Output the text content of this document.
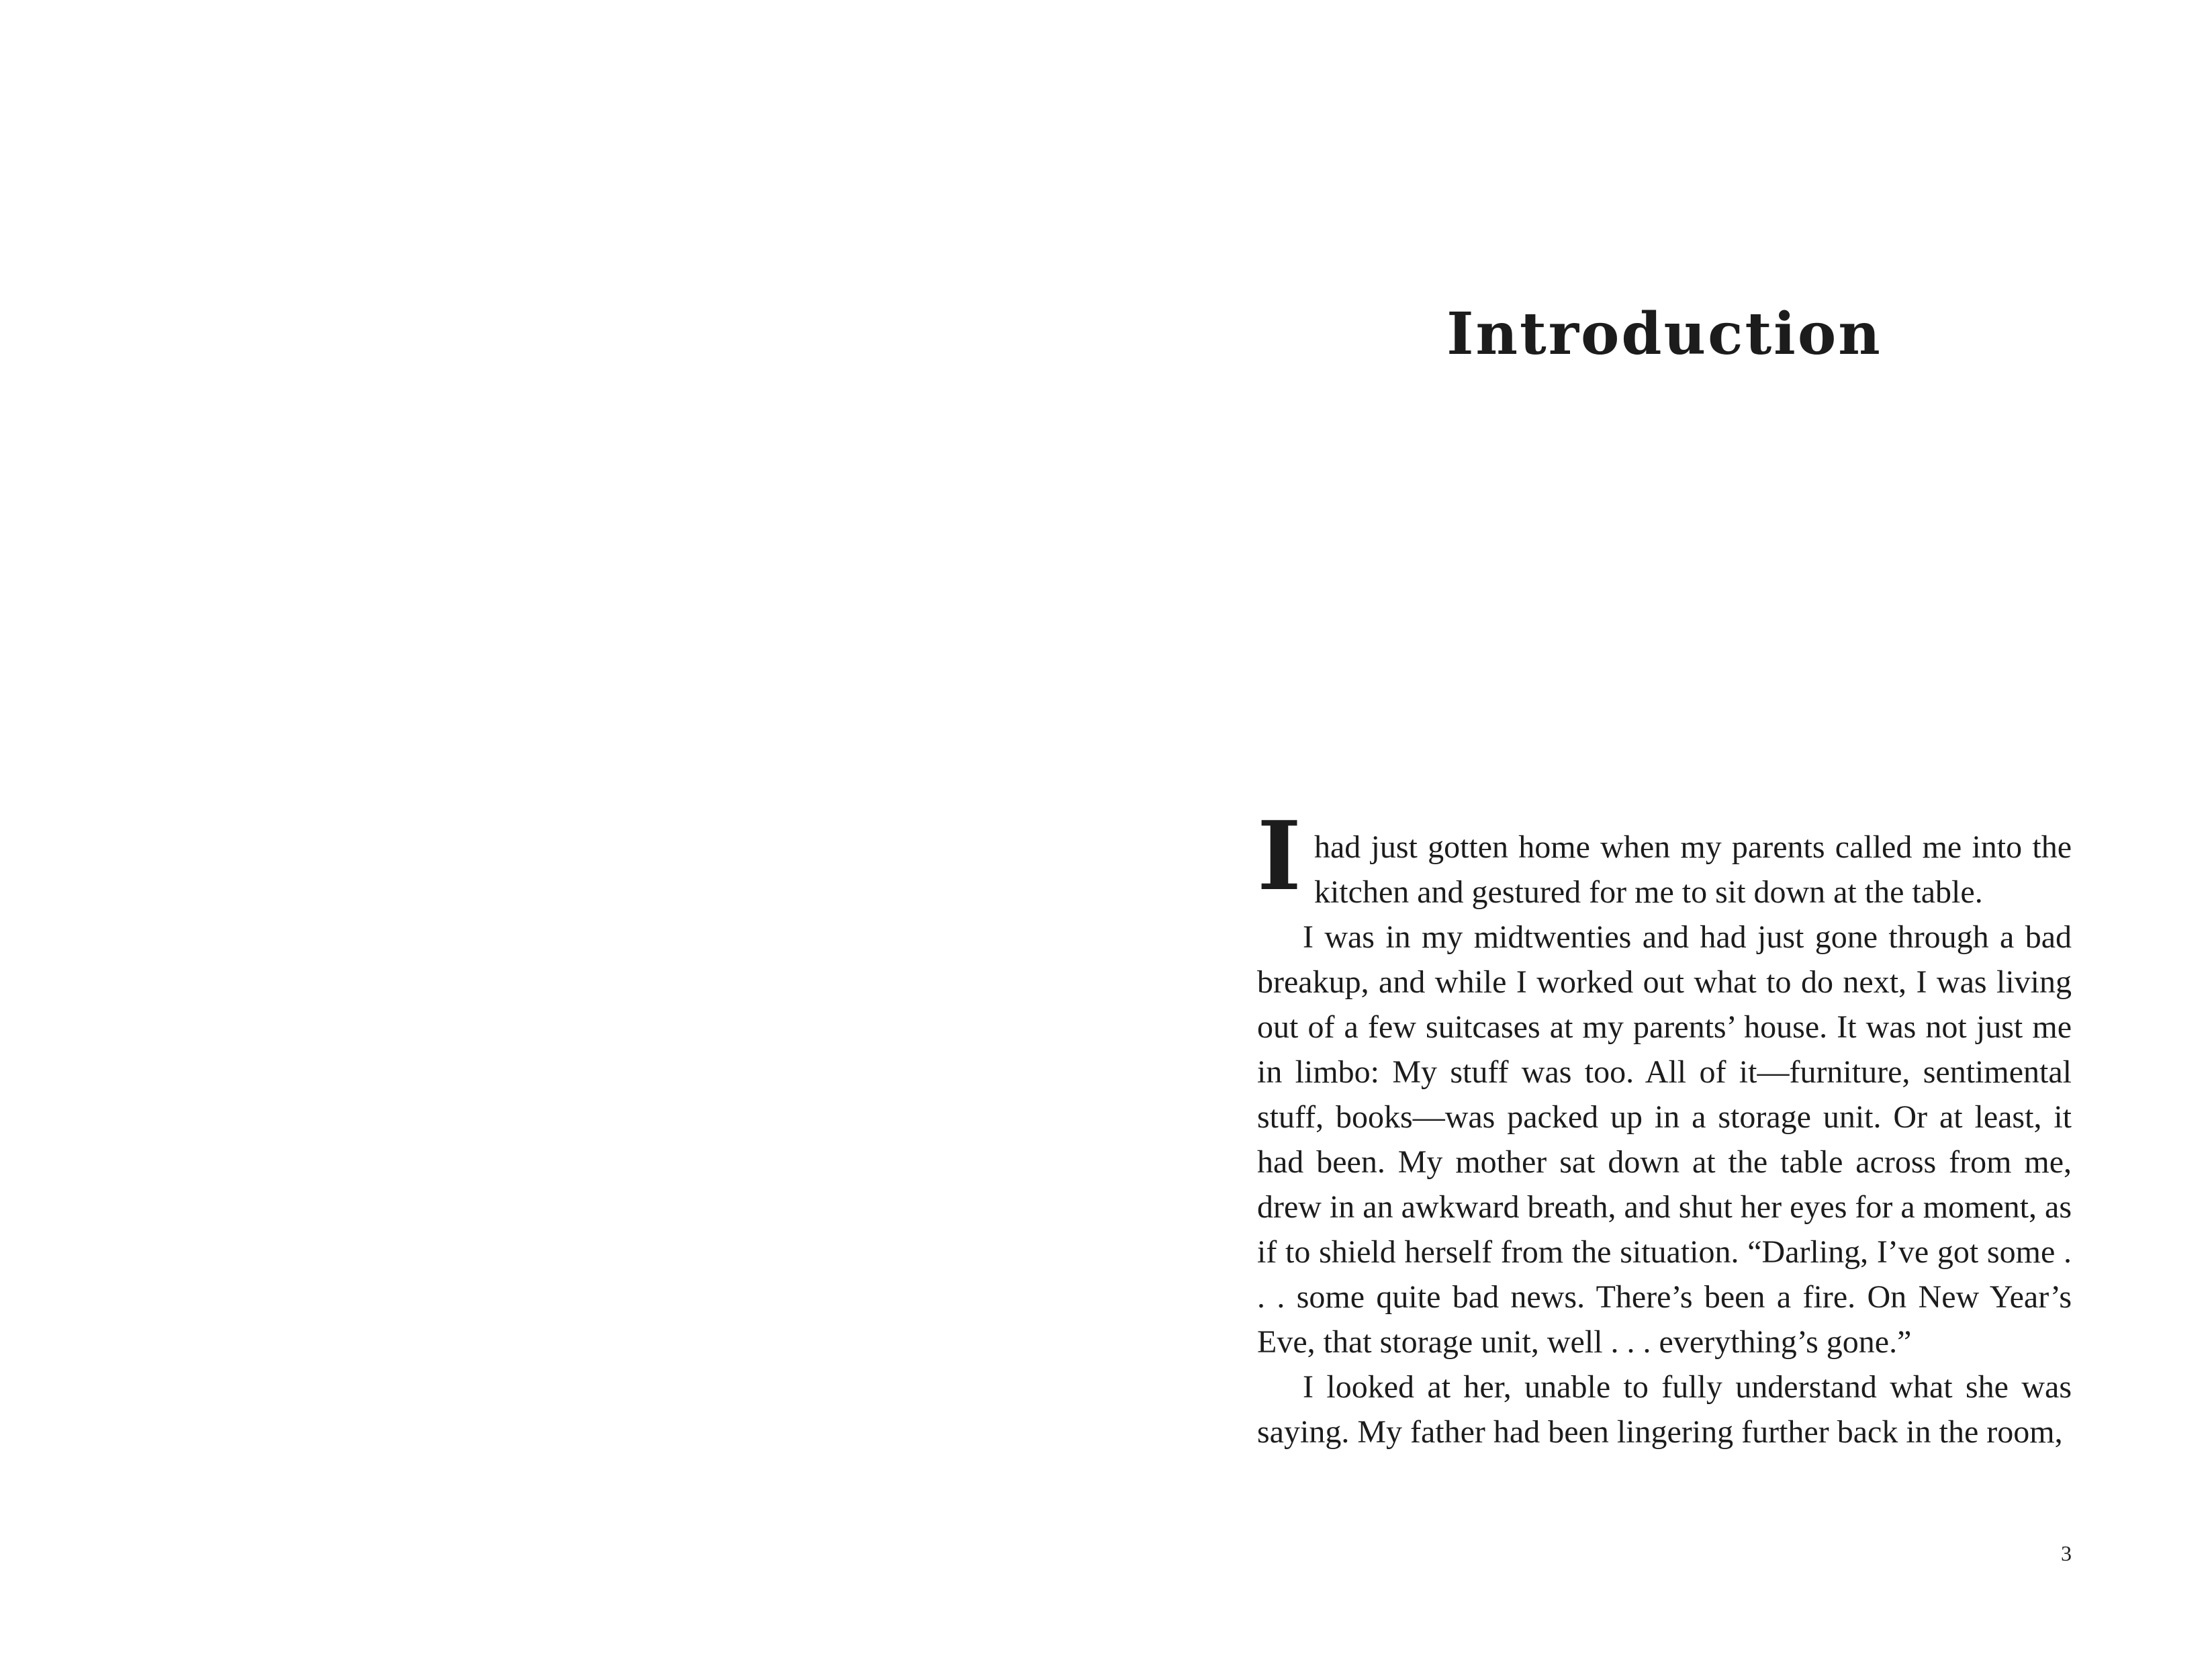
Introduction

Ihad just gotten home when my parents called me into the kitchen and gestured for me to sit down at the table.

I was in my midtwenties and had just gone through a bad breakup, and while I worked out what to do next, I was living out of a few suitcases at my parents’ house. It was not just me in limbo: My stuff was too. All of it—furniture, sentimental stuff, books—was packed up in a storage unit. Or at least, it had been. My mother sat down at the table across from me, drew in an awkward breath, and shut her eyes for a moment, as if to shield herself from the situation. “Darling, I’ve got some . . . some quite bad news. There’s been a fire. On New Year’s Eve, that storage unit, well . . . everything’s gone.”

I looked at her, unable to fully understand what she was saying. My father had been lingering further back in the room,

3
